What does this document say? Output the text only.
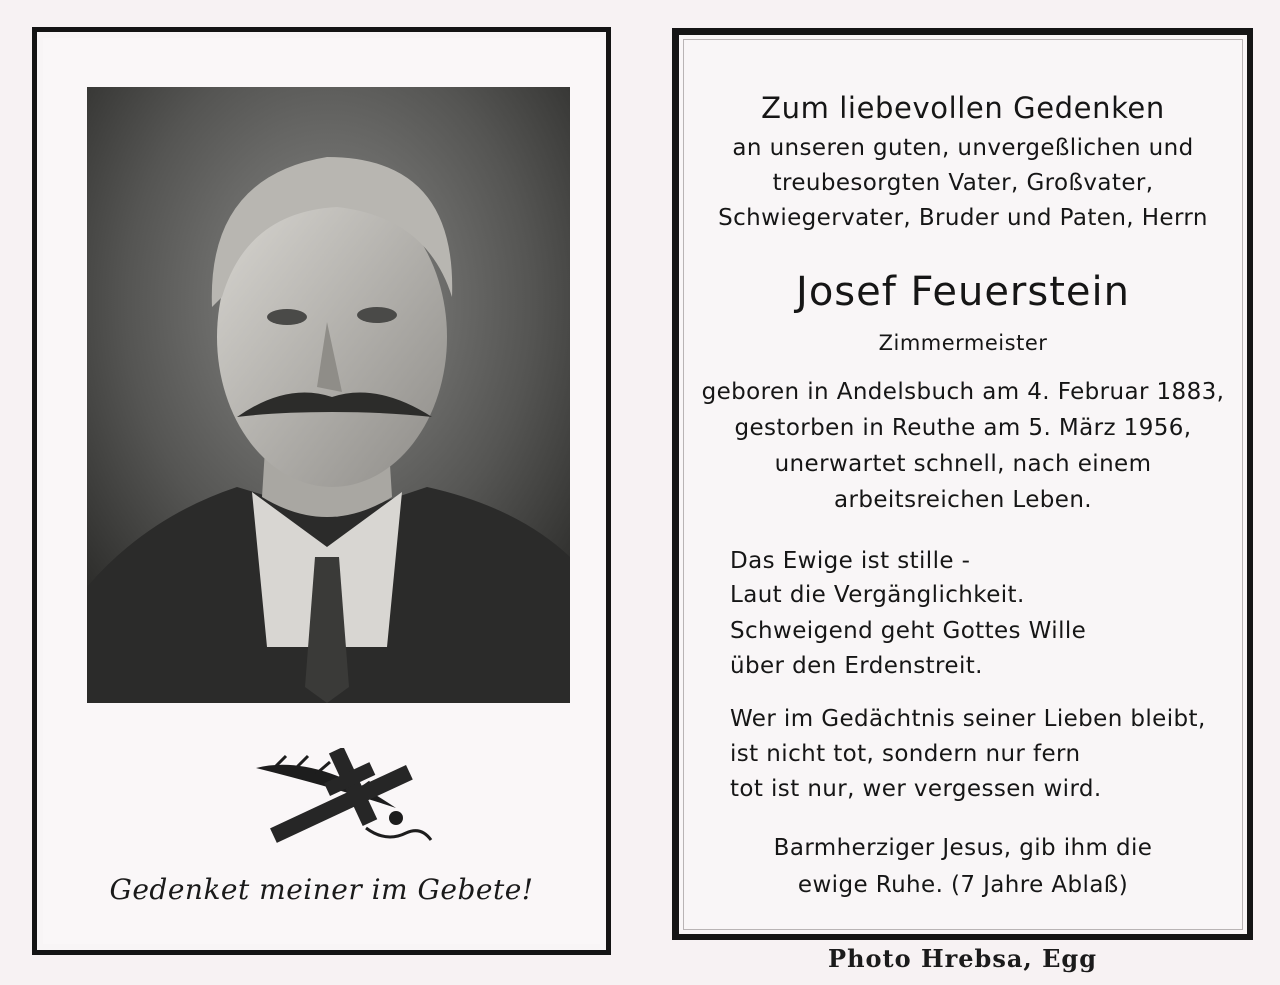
Gedenket meiner im Gebete!
Zum liebevollen Gedenken
an unseren guten, unvergeßlichen und
treubesorgten Vater, Großvater,
Schwiegervater, Bruder und Paten, Herrn
Josef Feuerstein
Zimmermeister
geboren in Andelsbuch am 4. Februar 1883,
gestorben in Reuthe am 5. März 1956,
unerwartet schnell, nach einem
arbeitsreichen Leben.
Das Ewige ist stille -
Laut die Vergänglichkeit.
Schweigend geht Gottes Wille
über den Erdenstreit.
Wer im Gedächtnis seiner Lieben bleibt,
ist nicht tot, sondern nur fern
tot ist nur, wer vergessen wird.
Barmherziger Jesus, gib ihm die
ewige Ruhe. (7 Jahre Ablaß)
Photo Hrebsa, Egg
